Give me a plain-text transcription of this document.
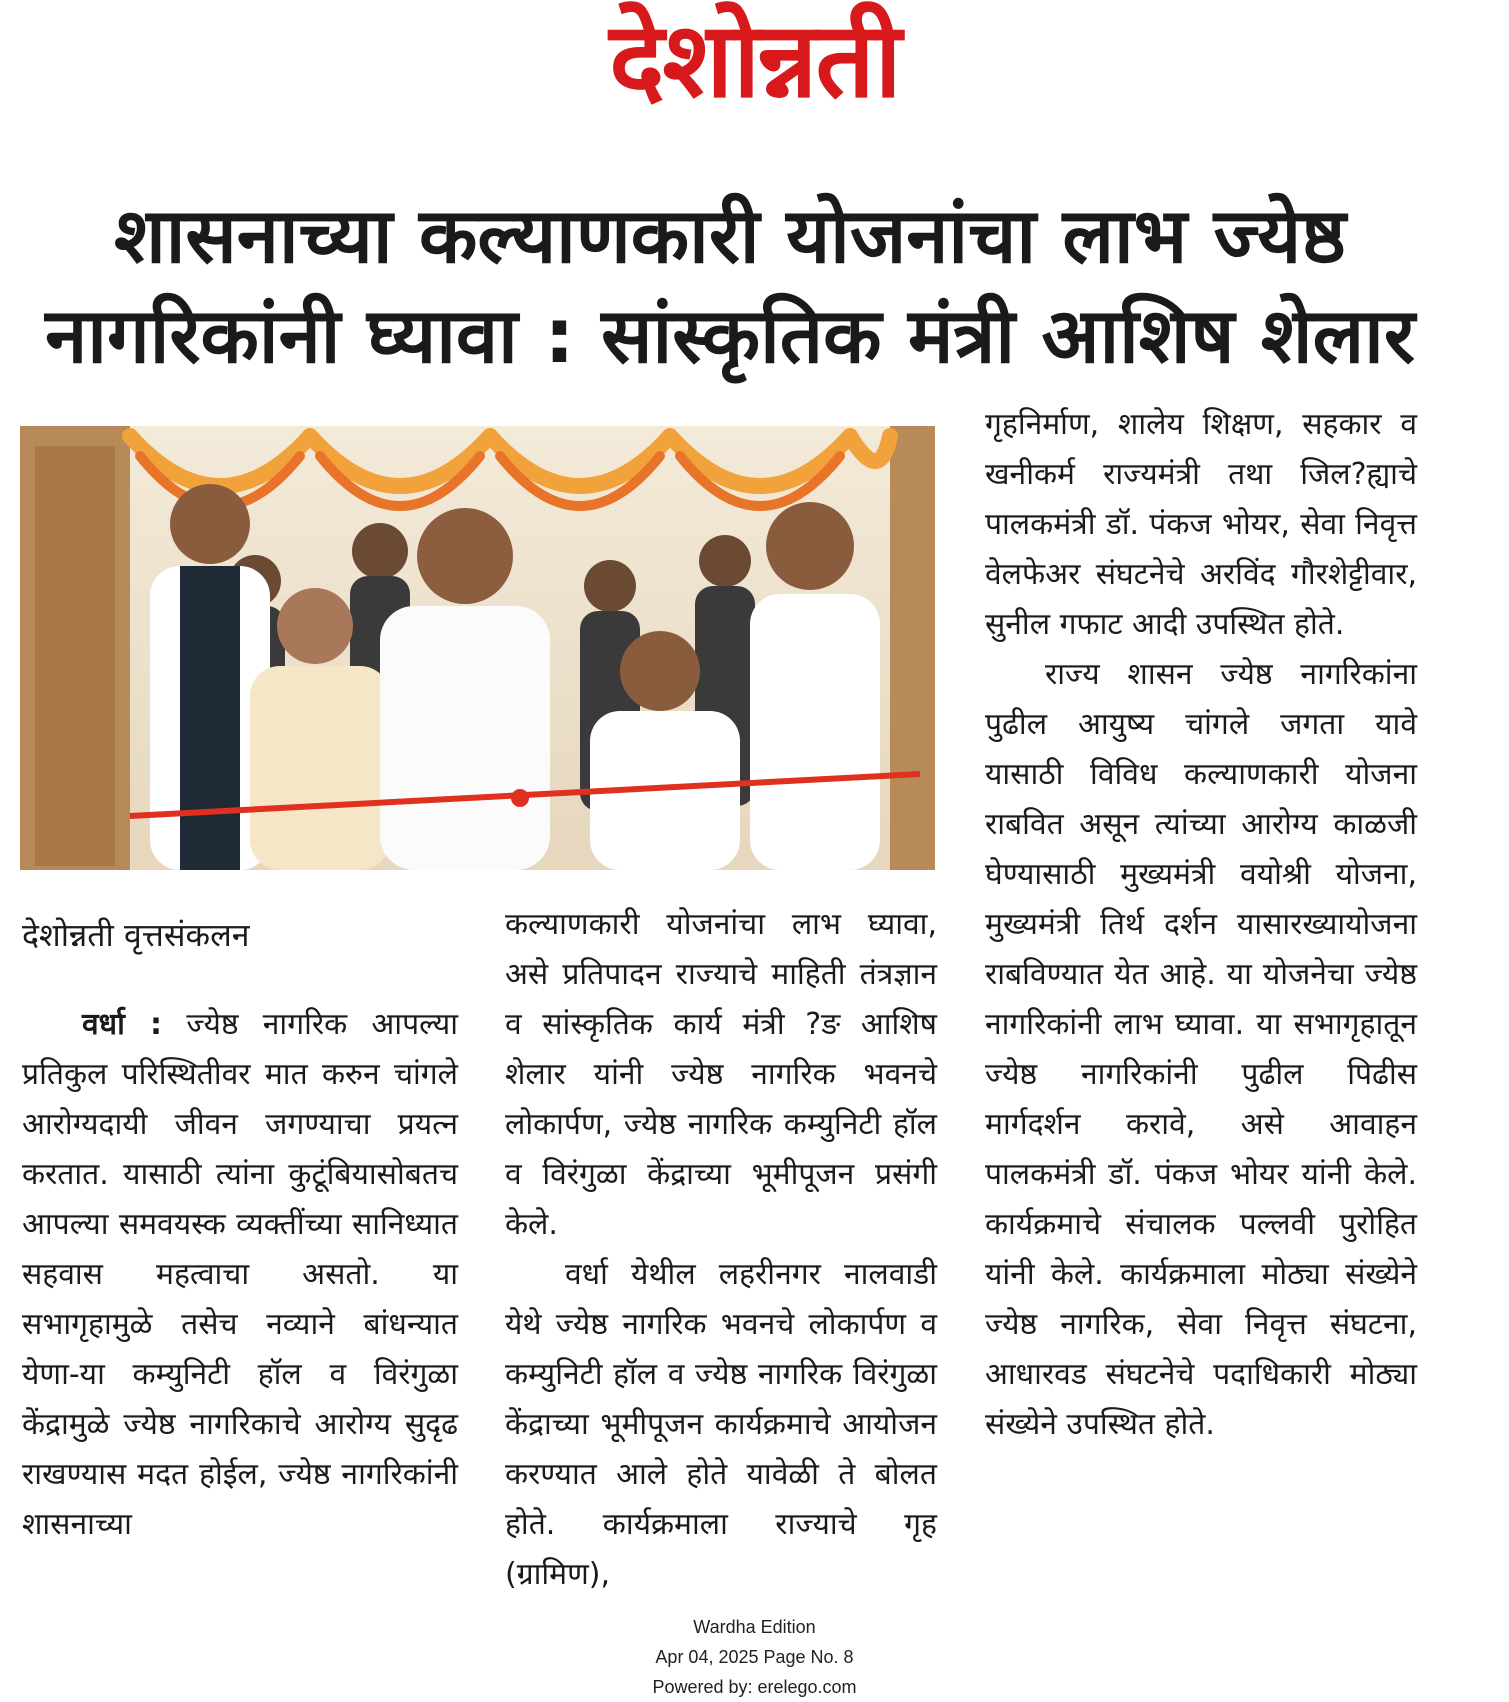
देशोन्नती
शासनाच्या कल्याणकारी योजनांचा लाभ ज्येष्ठ
नागरिकांनी घ्यावा : सांस्कृतिक मंत्री आशिष शेलार
देशोन्नती वृत्तसंकलन

वर्धा : ज्येष्ठ नागरिक आपल्या प्रतिकुल परिस्थितीवर मात करुन चांगले आरोग्यदायी जीवन जगण्याचा प्रयत्न करतात. यासाठी त्यांना कुटूंबियासोबतच आपल्या समवयस्क व्यक्तींच्या सानिध्यात सहवास महत्वाचा असतो. या सभागृहामुळे तसेच नव्याने बांधन्यात येणा-या कम्युनिटी हॉल व विरंगुळा केंद्रामुळे ज्येष्ठ नागरिकाचे आरोग्य सुदृढ राखण्यास मदत होईल, ज्येष्ठ नागरिकांनी शासनाच्या

कल्याणकारी योजनांचा लाभ घ्यावा, असे प्रतिपादन राज्याचे माहिती तंत्रज्ञान व सांस्कृतिक कार्य मंत्री ?ङ आशिष शेलार यांनी ज्येष्ठ नागरिक भवनचे लोकार्पण, ज्येष्ठ नागरिक कम्युनिटी हॉल व विरंगुळा केंद्राच्या भूमीपूजन प्रसंगी केले.

वर्धा येथील लहरीनगर नालवाडी येथे ज्येष्ठ नागरिक भवनचे लोकार्पण व कम्युनिटी हॉल व ज्येष्ठ नागरिक विरंगुळा केंद्राच्या भूमीपूजन कार्यक्रमाचे आयोजन करण्यात आले होते यावेळी ते बोलत होते. कार्यक्रमाला राज्याचे गृह (ग्रामिण),

गृहनिर्माण, शालेय शिक्षण, सहकार व खनीकर्म राज्यमंत्री तथा जिल?ह्याचे पालकमंत्री डॉ. पंकज भोयर, सेवा निवृत्त वेलफेअर संघटनेचे अरविंद गौरशेट्टीवार, सुनील गफाट आदी उपस्थित होते.

राज्य शासन ज्येष्ठ नागरिकांना पुढील आयुष्य चांगले जगता यावे यासाठी विविध कल्याणकारी योजना राबवित असून त्यांच्या आरोग्य काळजी घेण्यासाठी मुख्यमंत्री वयोश्री योजना, मुख्यमंत्री तिर्थ दर्शन यासारख्यायोजना राबविण्यात येत आहे. या योजनेचा ज्येष्ठ नागरिकांनी लाभ घ्यावा. या सभागृहातून ज्येष्ठ नागरिकांनी पुढील पिढीस मार्गदर्शन करावे, असे आवाहन पालकमंत्री डॉ. पंकज भोयर यांनी केले. कार्यक्रमाचे संचालक पल्लवी पुरोहित यांनी केले. कार्यक्रमाला मोठ्या संख्येने ज्येष्ठ नागरिक, सेवा निवृत्त संघटना, आधारवड संघटनेचे पदाधिकारी मोठ्या संख्येने उपस्थित होते.

Wardha Edition
Apr 04, 2025 Page No. 8
Powered by: erelego.com
